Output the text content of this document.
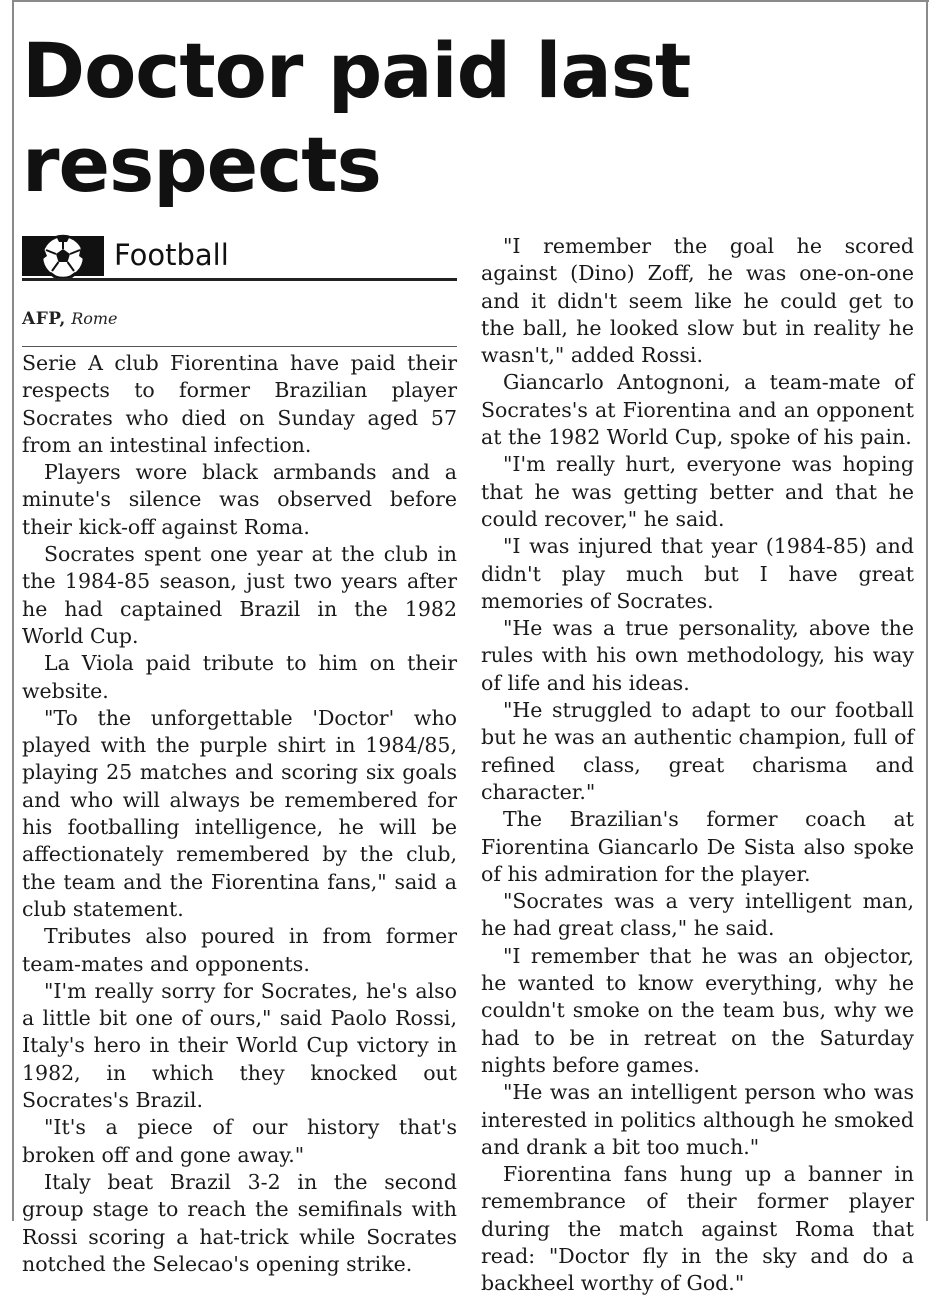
Doctor paid last respects
Football
AFP, Rome

Serie A club Fiorentina have paid their respects to former Brazilian player Socrates who died on Sunday aged 57 from an intestinal infection.

Players wore black armbands and a minute's silence was observed before their kick-off against Roma.

Socrates spent one year at the club in the 1984-85 season, just two years after he had captained Brazil in the 1982 World Cup.

La Viola paid tribute to him on their website.

"To the unforgettable 'Doctor' who played with the purple shirt in 1984/85, playing 25 matches and scoring six goals and who will always be remembered for his footballing intelligence, he will be affectionately remembered by the club, the team and the Fiorentina fans," said a club statement.

Tributes also poured in from former team-mates and opponents.

"I'm really sorry for Socrates, he's also a little bit one of ours," said Paolo Rossi, Italy's hero in their World Cup victory in 1982, in which they knocked out Socrates's Brazil.

"It's a piece of our history that's broken off and gone away."

Italy beat Brazil 3-2 in the second group stage to reach the semifinals with Rossi scoring a hat-trick while Socrates notched the Selecao's opening strike.

"I remember the goal he scored against (Dino) Zoff, he was one-on-one and it didn't seem like he could get to the ball, he looked slow but in reality he wasn't," added Rossi.

Giancarlo Antognoni, a team-mate of Socrates's at Fiorentina and an opponent at the 1982 World Cup, spoke of his pain.

"I'm really hurt, everyone was hoping that he was getting better and that he could recover," he said.

"I was injured that year (1984-85) and didn't play much but I have great memories of Socrates.

"He was a true personality, above the rules with his own methodology, his way of life and his ideas.

"He struggled to adapt to our football but he was an authentic champion, full of refined class, great charisma and character."

The Brazilian's former coach at Fiorentina Giancarlo De Sista also spoke of his admiration for the player.

"Socrates was a very intelligent man, he had great class," he said.

"I remember that he was an objector, he wanted to know everything, why he couldn't smoke on the team bus, why we had to be in retreat on the Saturday nights before games.

"He was an intelligent person who was interested in politics although he smoked and drank a bit too much."

Fiorentina fans hung up a banner in remembrance of their former player during the match against Roma that read: "Doctor fly in the sky and do a backheel worthy of God."
